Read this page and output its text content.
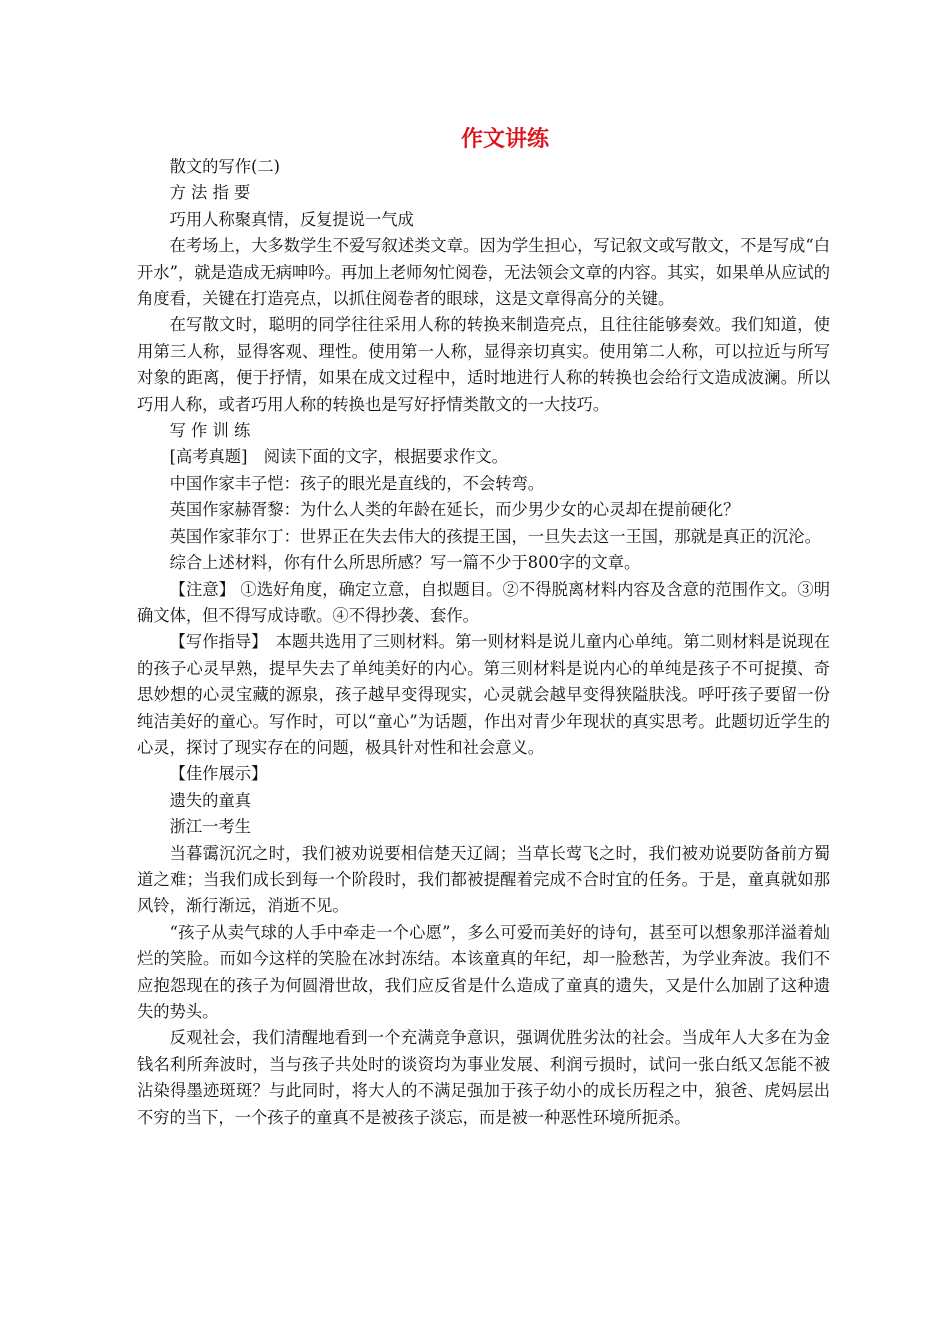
作文讲练

散文的写作(二)

方 法 指 要

巧用人称聚真情，反复提说一气成

在考场上，大多数学生不爱写叙述类文章。因为学生担心，写记叙文或写散文，不是写成“白开水”，就是造成无病呻吟。再加上老师匆忙阅卷，无法领会文章的内容。其实，如果单从应试的角度看，关键在打造亮点，以抓住阅卷者的眼球，这是文章得高分的关键。

在写散文时，聪明的同学往往采用人称的转换来制造亮点，且往往能够奏效。我们知道，使用第三人称，显得客观、理性。使用第一人称，显得亲切真实。使用第二人称，可以拉近与所写对象的距离，便于抒情，如果在成文过程中，适时地进行人称的转换也会给行文造成波澜。所以巧用人称，或者巧用人称的转换也是写好抒情类散文的一大技巧。

写 作 训 练

[高考真题]　阅读下面的文字，根据要求作文。

中国作家丰子恺：孩子的眼光是直线的，不会转弯。

英国作家赫胥黎：为什么人类的年龄在延长，而少男少女的心灵却在提前硬化？

英国作家菲尔丁：世界正在失去伟大的孩提王国，一旦失去这一王国，那就是真正的沉沦。

综合上述材料，你有什么所思所感？写一篇不少于800字的文章。

【注意】 ①选好角度，确定立意，自拟题目。②不得脱离材料内容及含意的范围作文。③明确文体，但不得写成诗歌。④不得抄袭、套作。

【写作指导】　本题共选用了三则材料。第一则材料是说儿童内心单纯。第二则材料是说现在的孩子心灵早熟，提早失去了单纯美好的内心。第三则材料是说内心的单纯是孩子不可捉摸、奇思妙想的心灵宝藏的源泉，孩子越早变得现实，心灵就会越早变得狭隘肤浅。呼吁孩子要留一份纯洁美好的童心。写作时，可以“童心”为话题，作出对青少年现状的真实思考。此题切近学生的心灵，探讨了现实存在的问题，极具针对性和社会意义。

【佳作展示】

遗失的童真

浙江一考生

当暮霭沉沉之时，我们被劝说要相信楚天辽阔；当草长莺飞之时，我们被劝说要防备前方蜀道之难；当我们成长到每一个阶段时，我们都被提醒着完成不合时宜的任务。于是，童真就如那风铃，渐行渐远，消逝不见。

“孩子从卖气球的人手中牵走一个心愿”，多么可爱而美好的诗句，甚至可以想象那洋溢着灿烂的笑脸。而如今这样的笑脸在冰封冻结。本该童真的年纪，却一脸愁苦，为学业奔波。我们不应抱怨现在的孩子为何圆滑世故，我们应反省是什么造成了童真的遗失，又是什么加剧了这种遗失的势头。

反观社会，我们清醒地看到一个充满竞争意识，强调优胜劣汰的社会。当成年人大多在为金钱名利所奔波时，当与孩子共处时的谈资均为事业发展、利润亏损时，试问一张白纸又怎能不被沾染得墨迹斑斑？与此同时，将大人的不满足强加于孩子幼小的成长历程之中，狼爸、虎妈层出不穷的当下，一个孩子的童真不是被孩子淡忘，而是被一种恶性环境所扼杀。
